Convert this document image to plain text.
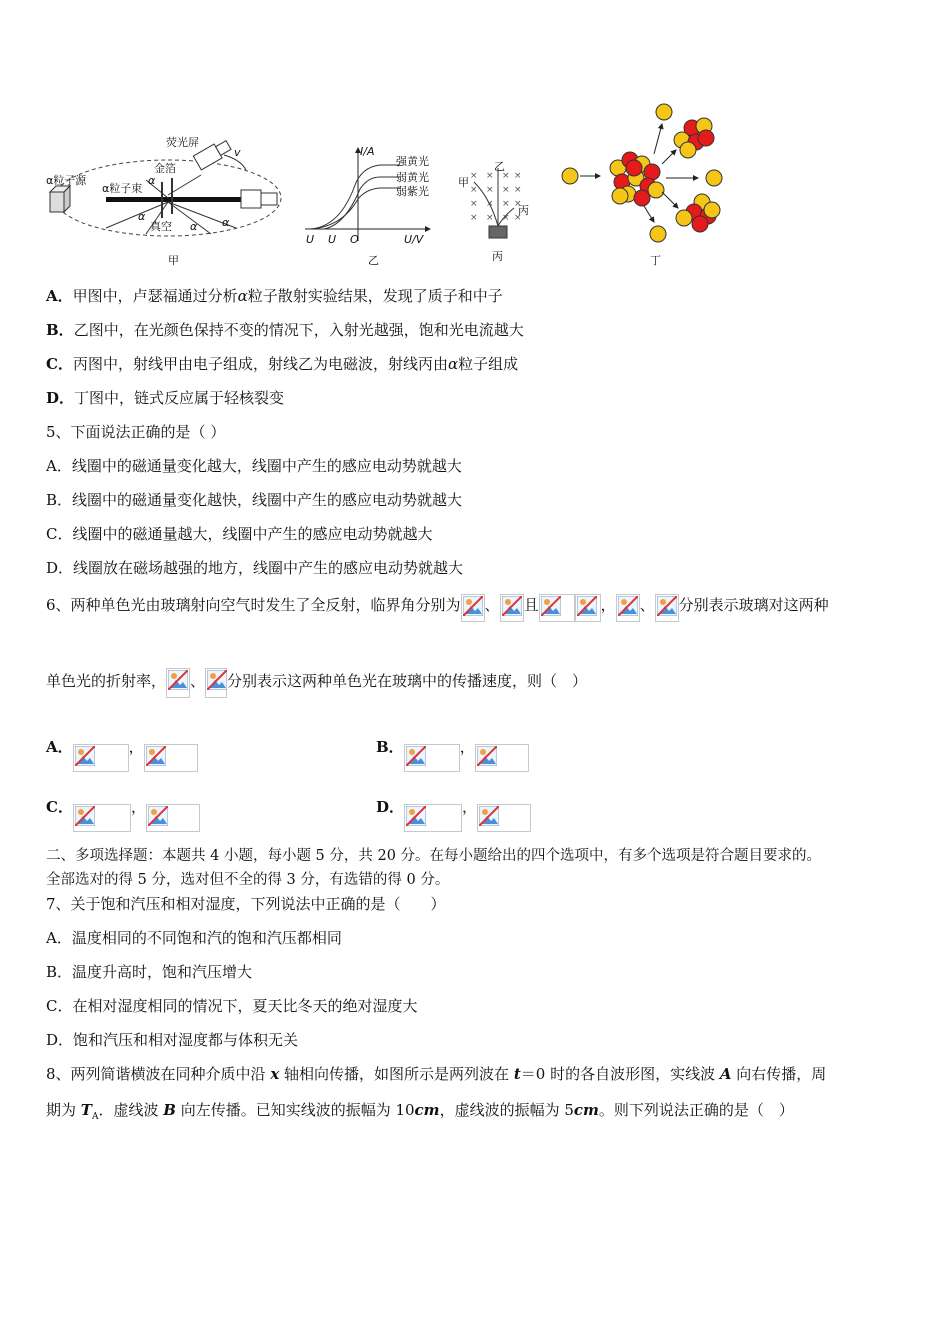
荧光屏
金箔
α粒子源
α粒子束
真空
v
α
α
α α
甲
I/A
U/V
U U O
强黄光
弱黄光
弱紫光
乙
× × × ×
× × × ×
× × × ×
× × × ×
甲
乙
丙
丙	丁
A．甲图中，卢瑟福通过分析α粒子散射实验结果，发现了质子和中子
B．乙图中，在光颜色保持不变的情况下，入射光越强，饱和光电流越大
C．丙图中，射线甲由电子组成，射线乙为电磁波，射线丙由α粒子组成
D．丁图中，链式反应属于轻核裂变
5、下面说法正确的是（ ）
A．线圈中的磁通量变化越大，线圈中产生的感应电动势就越大
B．线圈中的磁通量变化越快，线圈中产生的感应电动势就越大
C．线圈中的磁通量越大，线圈中产生的感应电动势就越大
D．线圈放在磁场越强的地方，线圈中产生的感应电动势就越大
6、两种单色光由玻璃射向空气时发生了全反射，临界角分别为 、 且	， 、 分别表示玻璃对这两种
单色光的折射率， 、 分别表示这两种单色光在玻璃中的传播速度，则（　）
A．	，	B．	，
C．	，	D．	，
二、多项选择题：本题共 4 小题，每小题 5 分，共 20 分。在每小题给出的四个选项中，有多个选项是符合题目要求的。
全部选对的得 5 分，选对但不全的得 3 分，有选错的得 0 分。
7、关于饱和汽压和相对湿度，下列说法中正确的是（　　）
A．温度相同的不同饱和汽的饱和汽压都相同
B．温度升高时，饱和汽压增大
C．在相对湿度相同的情况下，夏天比冬天的绝对湿度大
D．饱和汽压和相对湿度都与体积无关
8、两列简谐横波在同种介质中沿 x 轴相向传播，如图所示是两列波在 t＝0 时的各自波形图，实线波 A 向右传播，周
期为 $T_A$．虚线波 B 向左传播。已知实线波的振幅为 10cm，虚线波的振幅为 5cm。则下列说法正确的是（　）
